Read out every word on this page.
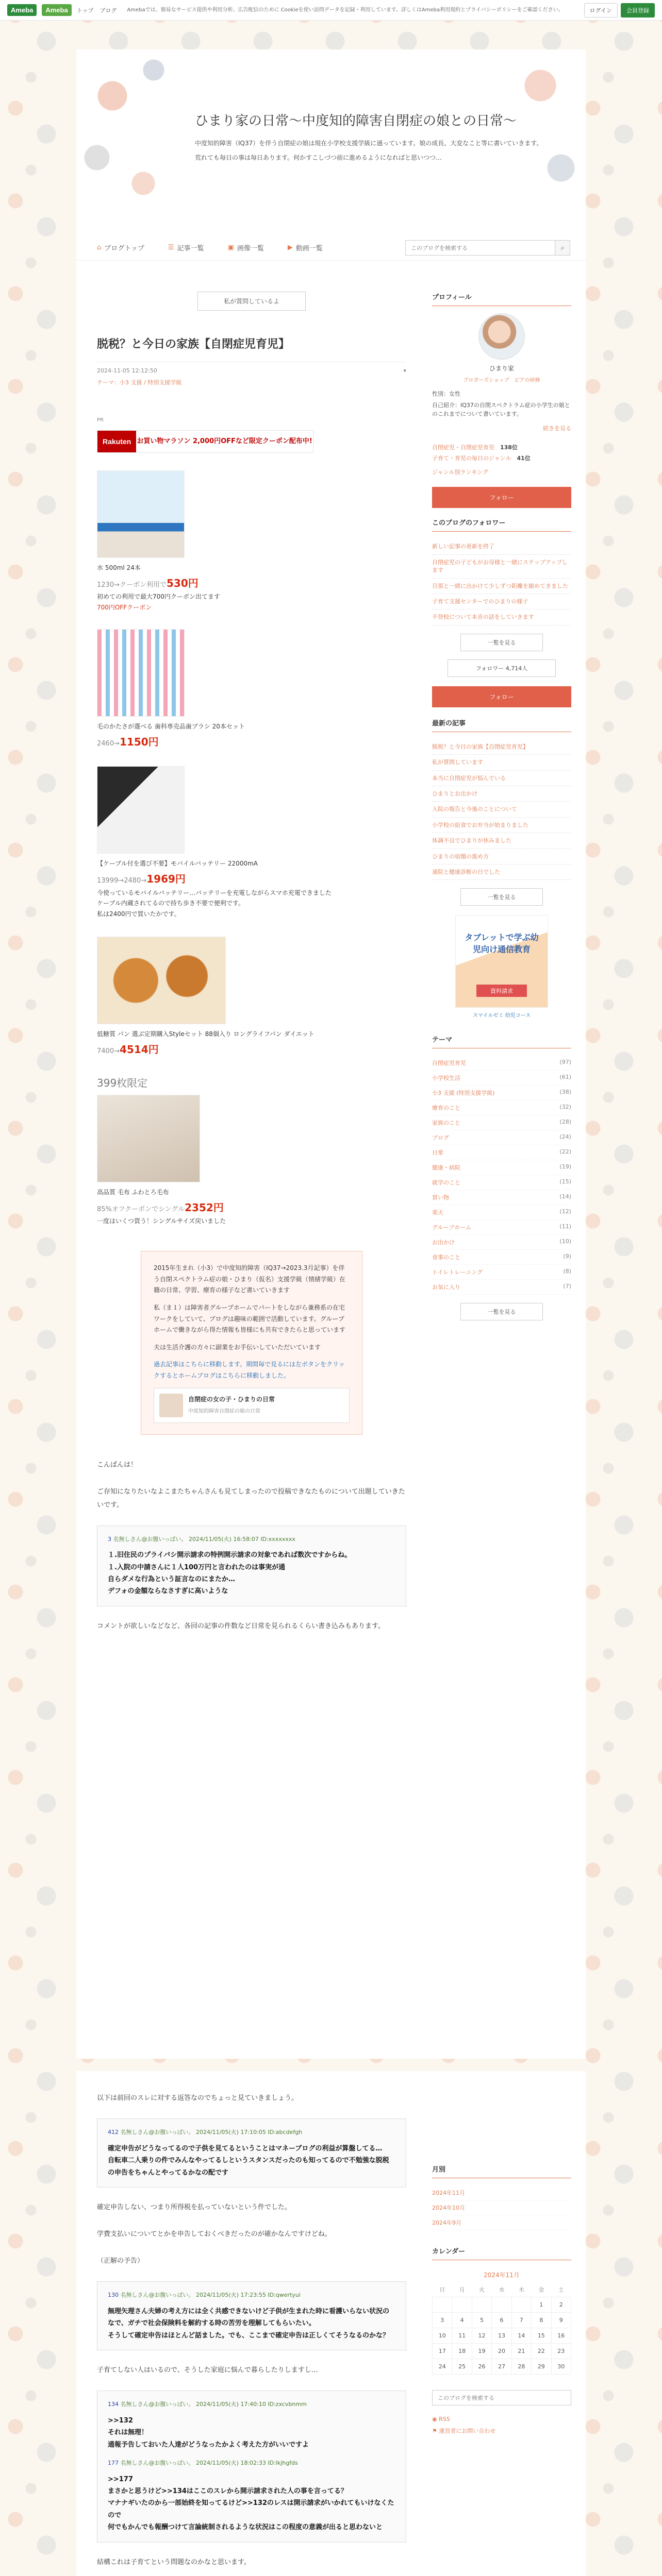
Ameba	Ameba	トップ ブログ Amebaでは、簡易なサービス提供や利用分析、広告配信のために Cookieを使い訪問データを記録・利用しています。詳しくはAmeba利用規約とプライバシーポリシーをご確認ください。	ログイン	会員登録
ひまり家の日常〜中度知的障害自閉症の娘との日常〜

中度知的障害（IQ37）を伴う自閉症の娘は現在小学校支援学級に通っています。娘の成長、大変なこと等に書いていきます。

荒れても毎日の事は毎日あります。何かすこしづつ前に進めるようになればと思いつつ…

⌂ ブログトップ	☰ 記事一覧	▣ 画像一覧	▶ 動画一覧
このブログを検索する	⌕
私が質問しているよ
脱税？と今日の家族【自閉症児育児】
2024-11-05 12:12:50	▾
テーマ：小3 支援 / 特別支援学級
PR
Rakuten お買い物マラソン 2,000円OFFなど限定クーポン配布中!
水 500ml 24本
1230→クーポン利用で530円
初めての利用で最大700円クーポン出てます
700円OFFクーポン
毛のかたさが選べる 歯科専売品歯ブラシ 20本セット
2460→1150円
【ケーブル付を選び不要】モバイルバッテリー 22000mA
13999→2480→1969円
今使っているモバイルバッテリー…バッテリーを充電しながらスマホ充電できました
ケーブル内蔵されてるので持ち歩き不要で便利です。
私は2400円で買いたかです。
低糖質 パン 選ぶ定期購入Styleセット 88個入り ロングライフパン ダイエット
7400→4514円
399枚限定
高品質 毛布 ふわとろ毛布
85%オフクーポンでシングル2352円
一度はいくつ買う！シングルサイズ戻いました

2015年生まれ（小3）で中度知的障害（IQ37→2023.3月記事）を伴う自閉スペクトラム症の娘・ひまり（仮名）支援学級（情緒学級）在籍の日常、学習、療育の様子など書いていきます

私（ま１）は障害者グループホームでパートをしながら兼務系の在宅ワークをしていて、ブログは趣味の範囲で活動しています。グループホームで働きながら得た情報も皆様にも共有できたらと思っています

夫は生活介護の方々に副業をお手伝いしていただいています

過去記事はこちらに移動します。期間毎で見るには左ボタンをクリックするとホームブログはこちらに移動しました。

自閉症の女の子・ひまりの日常
中度知的障害自閉症の娘の日常

こんばんは！

ご存知になりたいなよこまたちゃんさんも見てしまったので投稿できなたものについて出題していきたいです。

3 名無しさん@お腹いっぱい。 2024/11/05(火) 16:58:07 ID:xxxxxxxx
１.旧住民のプライバシ開示請求の特例開示請求の対象であれば数次ですからね。
１.入院の中請さんに１人100万円と言われたのは事実が通
自らダメな行為という証言なのにまたか…
デフォの金額ならなさすぎに高いような

コメントが欲しいなどなど、各回の記事の件数など日常を見られるくらい書き込みもあります。

プロフィール
ひまり家
ブロガーズショップ　ピアの研修
性別：女性
自己紹介：IQ37の自閉スペクトラム症の小学生の娘とのこれまでについて書いています。
続きを見る
自閉症児・自閉症児育児　 138位
子育て・育児の毎日のジャンル　 41位
ジャンル別ランキング
フォロー
このブログのフォロワー
新しい記事の更新を終了
自閉症児の子どもがお母様と一緒にステップアップします
旦那と一緒に出かけて少しずつ距離を縮めてきました
子育て支援センターでのひまりの様子
不登校について本音の話をしていきます
一覧を見る
フォロワー 4,714人
フォロー
最新の記事
脱税？と今日の家族【自閉症児育児】
私が質問しています
本当に自閉症児が悩んでいる
ひまりとお出かけ
入院の報告と今後のことについて
小学校の給食でお弁当が始まりました
体調不良でひまりが休みました
ひまりの宿題の進め方
通院と健康診断の日でした
一覧を見る
タブレットで学ぶ幼児向け通信教育
資料請求
スマイルゼミ 幼児コース
テーマ
自閉症児育児	(97)
小学校生活	(61)
小3 支援 (特別支援学級)	(38)
療育のこと	(32)
家族のこと	(28)
ブログ	(24)
日常	(22)
健康・病院	(19)
就学のこと	(15)
買い物	(14)
楽天	(12)
グループホーム	(11)
お出かけ	(10)
食事のこと	(9)
トイレトレーニング	(8)
お気に入り	(7)
一覧を見る

以下は前回のスレに対する返答なのでちょっと見ていきましょう。

412 名無しさん@お腹いっぱい。 2024/11/05(火) 17:10:05 ID:abcdefgh
確定申告がどうなってるので子供を見てるということはマネーブログの利益が算盤してる…
自転車二人乗りの件でみんなやってるしというスタンスだったのも知ってるので不勉強な脱税の申告をちゃんとやってるかなの配です

確定申告しない、つまり所得税を払っていないという件でした。

学費支払いについてとかを申告しておくべきだったのが確かなんですけどね。

（正解の予告）

130 名無しさん@お腹いっぱい。 2024/11/05(火) 17:23:55 ID:qwertyui
無理矢理さん夫婦の考え方には全く共感できないけど子供が生まれた時に看護いらない状況のなで、ガチで社会保険料を解約する時の苦労を理解してもらいたい。
そうして確定申告はほとんど話ました。でも、ここまで確定申告は正しくてそうなるのかな？

子育てしない人はいるので、そうした家庭に悩んで暮らしたりしますし…

134 名無しさん@お腹いっぱい。 2024/11/05(火) 17:40:10 ID:zxcvbnmm
>>132
それは無理！
通報予告しておいた人達がどうなったかよく考えた方がいいですよ
177 名無しさん@お腹いっぱい。 2024/11/05(火) 18:02:33 ID:lkjhgfds
>>177
まさかと思うけど>>134はここのスレから開示請求された人の事を言ってる？
マナナギいたのから一部始終を知ってるけど>>132のレスは開示請求がいかれてもいけなくたので
何でもかんでも報酬つけて言論統制されるような状況はこの程度の意義が出ると思わないと

結構これは子育てという問題なのかなと思います。

月別
2024年11月
2024年10月
2024年9月
カレンダー
2024年11月
日	月	火	水	木	金	土
					1	2
3	4	5	6	7	8	9
10	11	12	13	14	15	16
17	18	19	20	21	22	23
24	25	26	27	28	29	30
このブログを検索する
◉ RSS
⚑ 運営者にお問い合わせ
